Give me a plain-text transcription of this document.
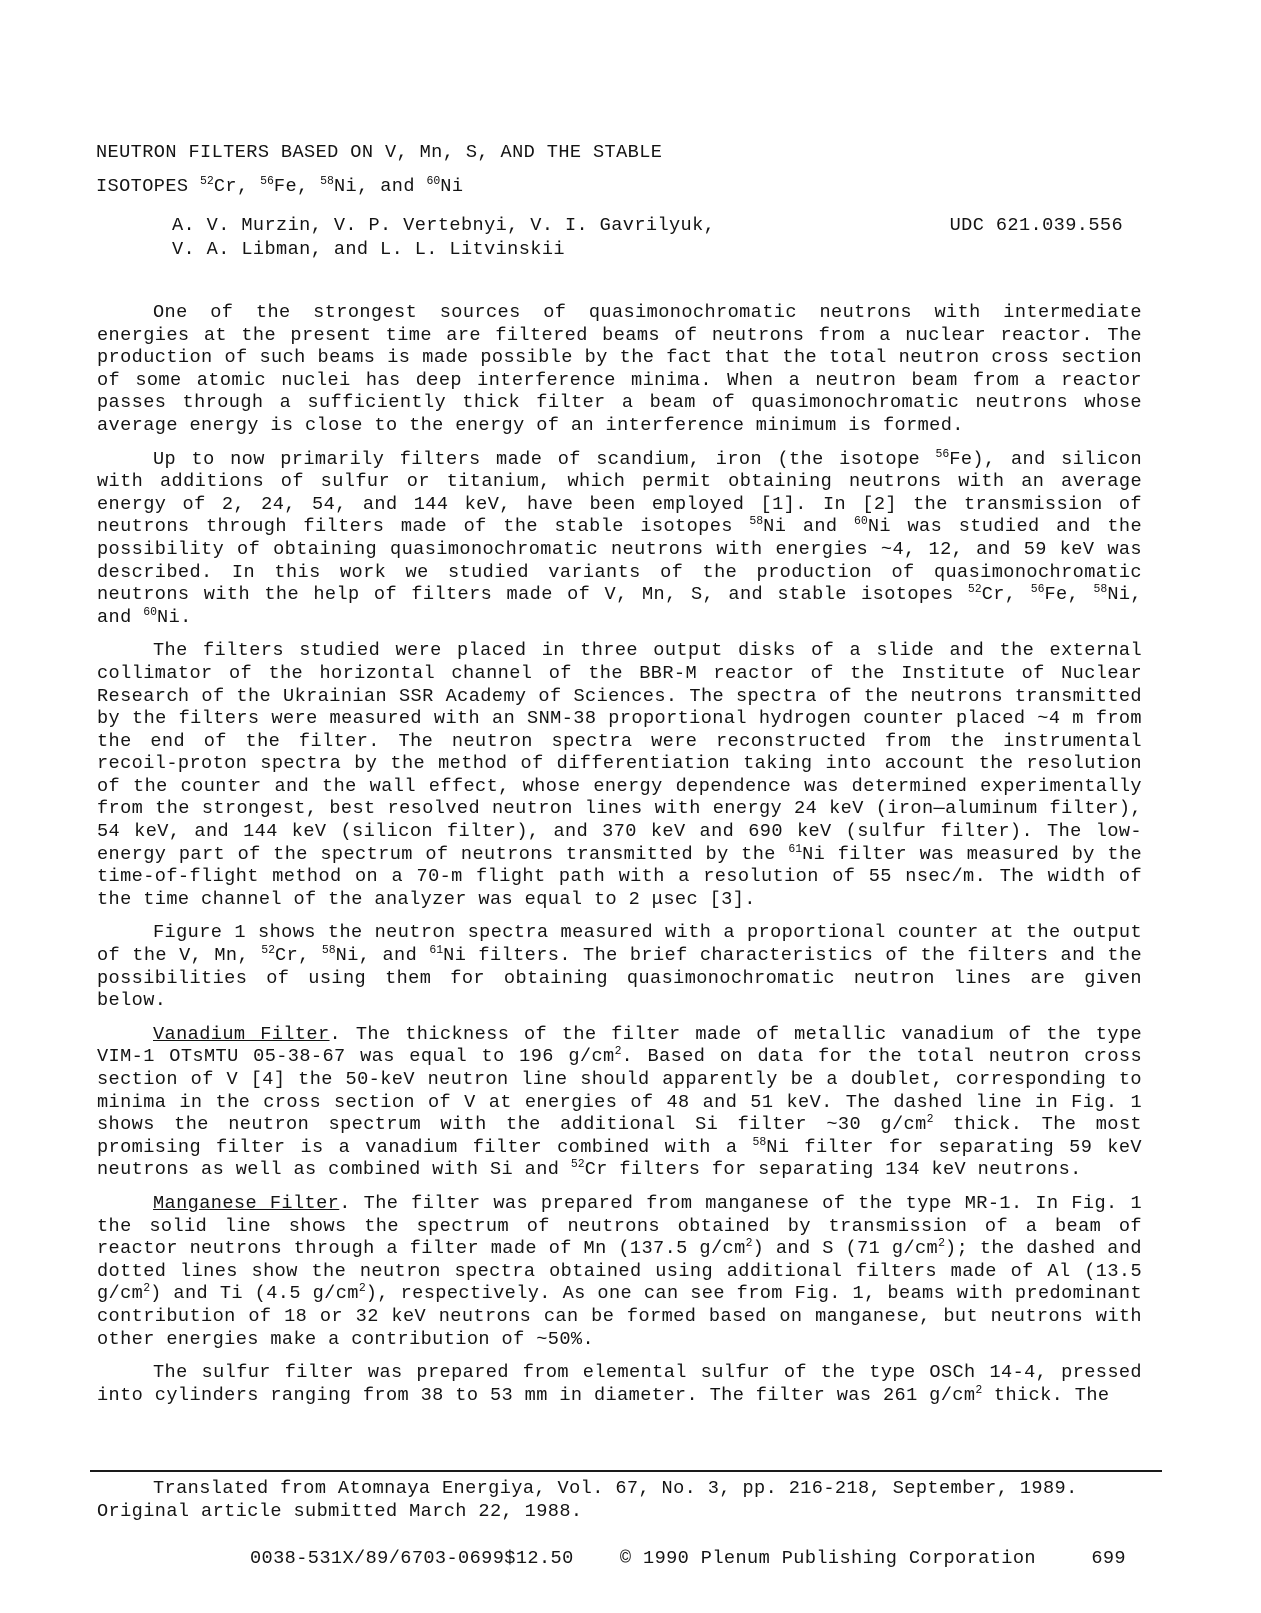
NEUTRON FILTERS BASED ON V, Mn, S, AND THE STABLE
ISOTOPES $^{52}$Cr, $^{56}$Fe, $^{58}$Ni, and $^{60}$Ni
A. V. Murzin, V. P. Vertebnyi, V. I. Gavrilyuk,
V. A. Libman, and L. L. Litvinskii
UDC 621.039.556

One of the strongest sources of quasimonochromatic neutrons with intermediate energies at the present time are filtered beams of neutrons from a nuclear reactor. The production of such beams is made possible by the fact that the total neutron cross section of some atomic nuclei has deep interference minima. When a neutron beam from a reactor passes through a sufficiently thick filter a beam of quasimonochromatic neutrons whose average energy is close to the energy of an interference minimum is formed.

Up to now primarily filters made of scandium, iron (the isotope $^{56}$Fe), and silicon with additions of sulfur or titanium, which permit obtaining neutrons with an average energy of 2, 24, 54, and 144 keV, have been employed [1]. In [2] the transmission of neutrons through filters made of the stable isotopes $^{58}$Ni and $^{60}$Ni was studied and the possibility of obtaining quasimonochromatic neutrons with energies ~4, 12, and 59 keV was described. In this work we studied variants of the production of quasimonochromatic neutrons with the help of filters made of V, Mn, S, and stable isotopes $^{52}$Cr, $^{56}$Fe, $^{58}$Ni, and $^{60}$Ni.

The filters studied were placed in three output disks of a slide and the external collimator of the horizontal channel of the BBR-M reactor of the Institute of Nuclear Research of the Ukrainian SSR Academy of Sciences. The spectra of the neutrons transmitted by the filters were measured with an SNM-38 proportional hydrogen counter placed ~4 m from the end of the filter. The neutron spectra were reconstructed from the instrumental recoil-proton spectra by the method of differentiation taking into account the resolution of the counter and the wall effect, whose energy dependence was determined experimentally from the strongest, best resolved neutron lines with energy 24 keV (iron—aluminum filter), 54 keV, and 144 keV (silicon filter), and 370 keV and 690 keV (sulfur filter). The low-energy part of the spectrum of neutrons transmitted by the $^{61}$Ni filter was measured by the time-of-flight method on a 70-m flight path with a resolution of 55 nsec/m. The width of the time channel of the analyzer was equal to 2 μsec [3].

Figure 1 shows the neutron spectra measured with a proportional counter at the output of the V, Mn, $^{52}$Cr, $^{58}$Ni, and $^{61}$Ni filters. The brief characteristics of the filters and the possibilities of using them for obtaining quasimonochromatic neutron lines are given below.

Vanadium Filter. The thickness of the filter made of metallic vanadium of the type VIM-1 OTsMTU 05-38-67 was equal to 196 $g/cm^2$. Based on data for the total neutron cross section of V [4] the 50-keV neutron line should apparently be a doublet, corresponding to minima in the cross section of V at energies of 48 and 51 keV. The dashed line in Fig. 1 shows the neutron spectrum with the additional Si filter ~30 $g/cm^2$ thick. The most promising filter is a vanadium filter combined with a $^{58}$Ni filter for separating 59 keV neutrons as well as combined with Si and $^{52}$Cr filters for separating 134 keV neutrons.

Manganese Filter. The filter was prepared from manganese of the type MR-1. In Fig. 1 the solid line shows the spectrum of neutrons obtained by transmission of a beam of reactor neutrons through a filter made of Mn (137.5 $g/cm^2$) and S (71 $g/cm^2$); the dashed and dotted lines show the neutron spectra obtained using additional filters made of Al (13.5 $g/cm^2$) and Ti (4.5 $g/cm^2$), respectively. As one can see from Fig. 1, beams with predominant contribution of 18 or 32 keV neutrons can be formed based on manganese, but neutrons with other energies make a contribution of ~50%.

The sulfur filter was prepared from elemental sulfur of the type OSCh 14-4, pressed into cylinders ranging from 38 to 53 mm in diameter. The filter was 261 $g/cm^2$ thick. The

Translated from Atomnaya Energiya, Vol. 67, No. 3, pp. 216-218, September, 1989.
Original article submitted March 22, 1988.
0038-531X/89/6703-0699$12.50 © 1990 Plenum Publishing Corporation	699
